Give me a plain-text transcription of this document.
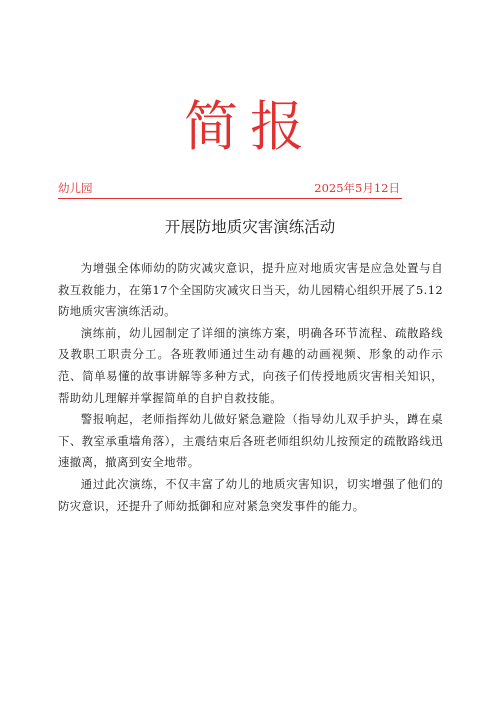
简报
幼儿园	2025年5月12日
开展防地质灾害演练活动

为增强全体师幼的防灾减灾意识，提升应对地质灾害是应急处置与自救互救能力，在第17个全国防灾减灾日当天，幼儿园精心组织开展了5.12防地质灾害演练活动。

演练前，幼儿园制定了详细的演练方案，明确各环节流程、疏散路线及教职工职责分工。各班教师通过生动有趣的动画视频、形象的动作示范、简单易懂的故事讲解等多种方式，向孩子们传授地质灾害相关知识，帮助幼儿理解并掌握简单的自护自救技能。

警报响起，老师指挥幼儿做好紧急避险（指导幼儿双手护头，蹲在桌下、教室承重墙角落），主震结束后各班老师组织幼儿按预定的疏散路线迅速撤离，撤离到安全地带。

通过此次演练，不仅丰富了幼儿的地质灾害知识，切实增强了他们的防灾意识，还提升了师幼抵御和应对紧急突发事件的能力。
